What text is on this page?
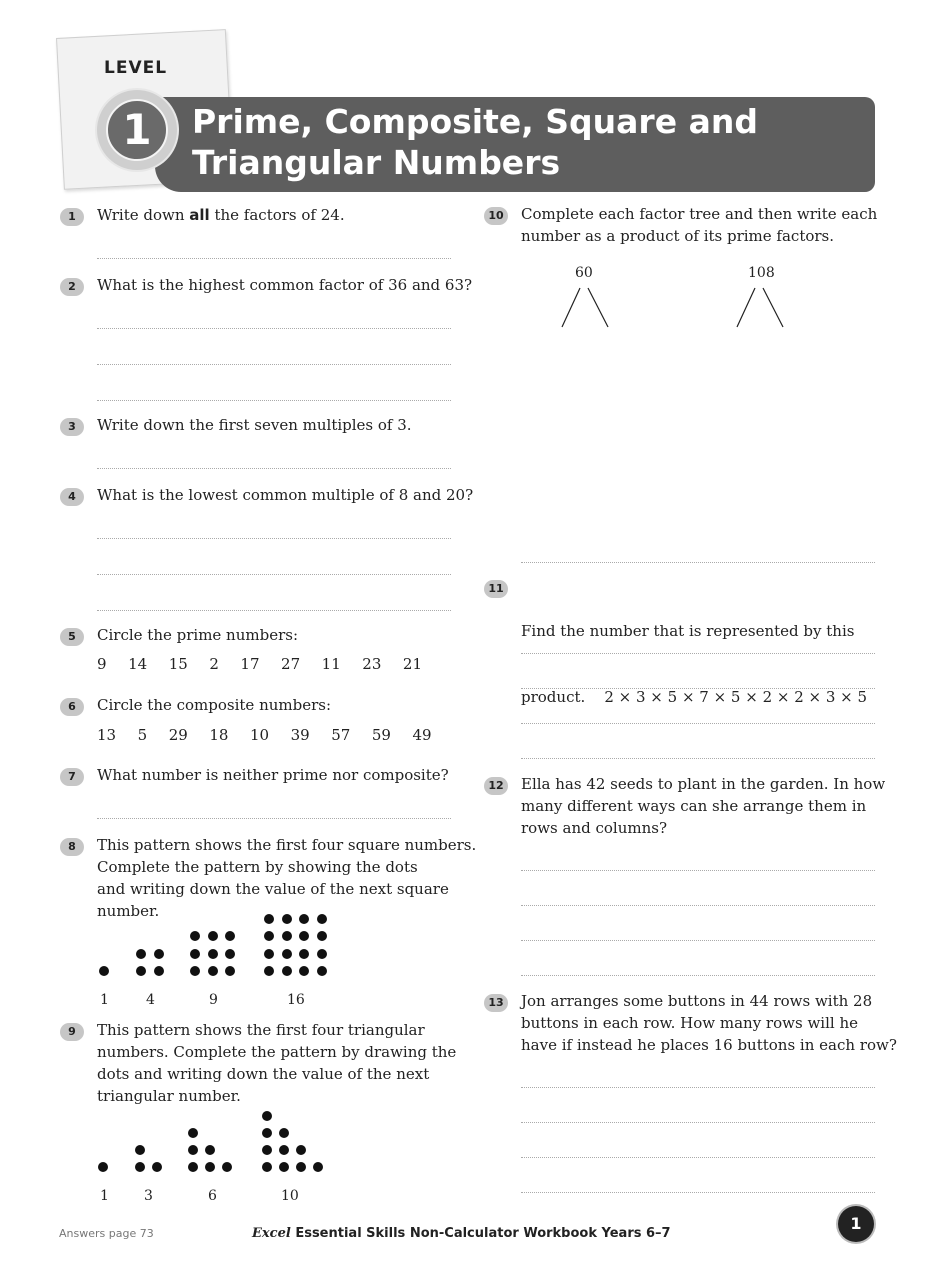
LEVEL
Prime, Composite, Square and
Triangular Numbers
1
1	Write down all the factors of 24.
2	What is the highest common factor of 36 and 63?
3	Write down the first seven multiples of 3.
4	What is the lowest common multiple of 8 and 20?
5	Circle the prime numbers:
9  14  15  2  17  27  11  23  21
6	Circle the composite numbers:
13  5  29  18  10  39  57  59  49
7	What number is neither prime nor composite?
8	This pattern shows the first four square numbers.
Complete the pattern by showing the dots
and writing down the value of the next square
number.
1	4	9	16
9	This pattern shows the first four triangular
numbers. Complete the pattern by drawing the
dots and writing down the value of the next
triangular number.
1	3	6	10
10 Complete each factor tree and then write each
number as a product of its prime factors.
60	108
11

Find the number that is represented by this

product.    2 × 3 × 5 × 7 × 5 × 2 × 2 × 3 × 5

12 Ella has 42 seeds to plant in the garden. In how
many different ways can she arrange them in
rows and columns?
13 Jon arranges some buttons in 44 rows with 28
buttons in each row. How many rows will he
have if instead he places 16 buttons in each row?
Answers page 73	Excel Essential Skills Non-Calculator Workbook Years 6–7
1
